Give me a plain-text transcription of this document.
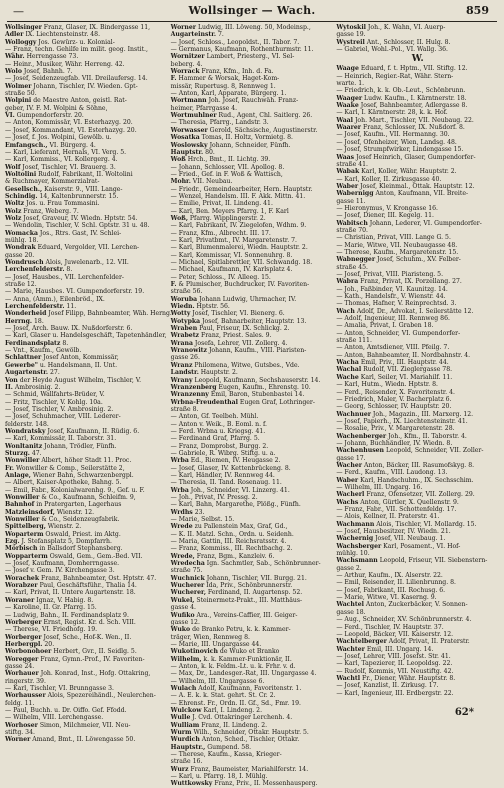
—	Wollsinger — Wach.	859

Wollsinger Franz, Glaser, IX. Bindergasse 11,

Adler IX. Liechtensteinstr. 48.

Wolloggy Jos. Gewürz- u. Kolonial-

— Franz, techn. Gehilfe im milit. geog. Instit.,

Währ. Herrengasse 73.

— Heinr., Musiker, Währ. Herreng. 42.

Wolo Josef, Bahnh. 7.

— Josef, Seidenzeugfab. VII. Dreilaufersg. 14.

Wolmer Johann, Tischler, IV. Wieden. Gpt-

straße 50.

Wolpini de Maestre Anton, geistl. Rat-

geber, IV. F. M. Wolpini & Söhne,

VI. Gumpendorferstr. 20.

— Anton, Kommissär, VI. Esterhazyg. 20.

— Josef, Kommandant, VI. Esterhazyg. 20.

— Josef, f. Jos. Wolpini, Gewölb. u.

Emfangsch., VI. Bürgerg. 4.

— Karl, Lieferant, Hernals, VI. Verg. 5.

— Karl, Kommiss., VI. Kollergerg. 4.

Wolf Josef, Tischler, VI. Brauerg. 3.

Woltolini Rudolf, Fabrikant, II. Woltolini

& Ruchmayer, Kommerzialrat-

Gesellsch., Kaiserstr. 9., VIII. Lange-

Schindig. 14, Kaltenbrunnerstr. 15.

Woltz Jos. u. Frau Tommasini.

Wolz Franz, Weberg. 7.

Wolz Josef, Graveur, IV. Wiedn. Hptstr. 54.

— Wendolin, Tischler, V. Schl. Gptstr. 31 u. 48.

Womacka Jos., Rtrs. Gast, IV. Schlei-

mühlg. 18.

Wondrak Eduard, Vergolder, VII. Lerchen-

gasse 20.

Wondrusch Alois, Juwelenarb., 12. VII.

Lerchenfelderstr. 8.

— Josef, Hausbes., VII. Lerchenfelder-

straße 12.

— Marie, Hausbes. VI. Gumpendorferstr. 19.

— Anna, (Amm.), Eilenbröd., IX.

Lerchenfelderstr. 11.

Wonderheid Josef Filipp, Bahnbeamter, Wäh. Herng.

Herrng. 18.

— Josef, Arch. Bauw. IX. Nußdorferstr. 6.

— Karl, Glaser u. Handelsgeschäft, Tapetenhändler,

Ferdinandsplatz 8.

— Vnt., Kaufm., Gewölb.

Schlattner Josef Anton, Kommissär,

Gewerbe" u. Handelsmann, II. Unt.

Augartenstr. 27.

Von der Heyde August Wilhelm, Tischler, V.

II. Ambrosinig. 2.

— Schmid, Wallfahrts-Brüder, V.

— Fritz, Tischler, V. Kohlg. 10a.

— Josef, Tischler, V. Ambrosinig. 2.

— Josef, Schuhmacher, VIII. Lederer-

felderstr. 148.

Wondratsky Josef, Kaufmann, II. Rüdig. 6.

— Karl, Kommissär, II. Taborstr. 31.

Wonltanitz Johann, Trödler, Fünfh.

Sturzg. 47.

Wonwiller Albert, höher Stadt 11. Proc.

Fr. Wonwiller & Comp., Seilerstätte 2,

Anlage, Wiener Bahn, Schwarzenbergpl.

— Albert, Kaiser-Apotheke, Bahng. 5.

— Emil, Fabr., Kolonialwarenhg. 9., Gef. u. F.

Wonwiller & Co., Kaufmann, Schleifm. 9,

Bahnhof in Pratergarten, Lagerhaus

Matzleinsdorf, Wienstr. 12.

Wonwiller & Co., Seidenzeugfabrik.

Spittelberg, Wienstr. 2.

Woparterm Oswald, Priest. im Aktg.

Ezg. J. Stefansplatz 5, Dompfarrh.

Mörbisch in Ballsdorf Stephansberg.

Wopparterm Oswald, Gem., Gem.-Bed. VII.

— Josef, Kaufmann, Domherrngasse.

— Josef v. Gem. IV. Kirchengasse 3.

Worachek Franz, Bahnbeamter, Ost. Hptstr. 47.

Worabzer Paul, Geschäftsführ., Thalia 14.

— Karl, Privat, II. Untere Augartenstr. 18.

Woraner Ignaz, V. Habig. 8.

— Karoline, II. Gr. Pfarrg. 15.

— Ludwig, Bahn., II. Ferdinandsplatz 9.

Worberger Ernst, Regist. Kr. d. Sch. VIII.

— Therese, VI. Friedhofg. 19.

Worberger Josef, Sche., Hof-K. Wen., II.

Herbergpl. 20.

Worbonohoer Herbert, Gvr., II. Seidlg. 5.

Woregger Franz, Gymn.-Prof., IV. Favoriten-

gasse 24.

Worhauer Joh. Konrad, Inst., Hofg. Ottakring,

ringerstr. 39.

— Karl, Tischler, VI. Brunngasse 3.

Worhausser Alois, Spezereihändl., Neulerchen-

feldg. 11.

— Paul, Buchh. u. Dr. Oiffo. Gef. Ffodd.

— Wilhelm, VIII. Lerchengasse.

Worhoser Simon, Milchmeier, VII. Neu-

stiftg. 34.

Worner Amand, Bmt., II. Löwengasse 50.

Worner Ludwig, III. Löweng. 50, Modeinsp.,

Augarteinstr. 7.

— Josef, Schloss., Leopoldst., II. Tabor. 7.

— Germanus, Kaufmann, Rothenthurmstr. 11.

Wornitzer Lambert, Priesterg., VI. Sel-

beberg. 4.

Worrack Franz, Kfm., Inh. d. Fa.

F. Hammer & Worsak, Haget-Kom-

missär, Rupertusg. 8, Rennweg 1.

— Anton, Karl, Apparate, Bürgerg. 1.

Wortmann Joh. Josef, Rauchwäh. Franz-

heimer, Pfarrgasse 4.

Wortmuhlner Rud., Agent, Chl. Saitlerg. 26.

— Theresia, Pfarrg., Landstr. 3.

Worwasser Gerold, Sächsische, Augustinerstr.

Wosatka Tomas, II. Holtz, Vormietg. 8.

Woslowsky Johann, Schneider, Fünfh.

Hauptstr. 80.

Woß Hrch., Bmt., II. Lichtg. 39.

— Johann, Schlosser, VII. Apollog. 8.

— Fried., Gef. in F. Woß & Wattisch,

Mohr. VII. Neubau.

— Friedr., Gemeindearbeiter, Hern. Hauptstr.

— Wenzel, Handelsm. III. F. Akk. Mittn. 41.

— Emilie, Privat, II. Lindeng. 41.

— Karl, Ben. Meyers Pfarrg. 1, F. Karl

Woß, Pfarrg. Wipplingerstr. 2.

— Karl, Fabrikant, IV. Ziegelofen, Wdhm. 9.

— Franz, Kfm., Albrecht. III. 17.

— Karl, Privatbmt., IV. Margaretenstr. 7.

— Karl, Blumenmalerei, Wiedn. Hauptstr. 2.

— Karl, Kommissar, VI. Sonnenuhrg. 8.

— Michael, Spitlabrettler, VII. Schwandg. 18.

— Michael, Kaufmann, IV. Karlsplatz 4.

— Peter, Schloss., IV. Alleeg. 15.

F. & Plumischer, Buchdrucker, IV. Favoriten-

straße 56.

Woruba Johann Ludwig, Uhrmacher, IV.

Wiedn. Hptstr. 56.

Wotty Josef, Tischler, VI. Bienerg. 6.

Wotypka Josef, Bahnarbeiter, Hauptstr. 13.

Wraben Paul, Friseur, IX. Schlickg. 2.

Wrabetz Franz, Priest. Sales. 9.

Wrana Josefa, Lehrer, VII. Zollerg. 4.

Wranowitz Johann, Kaufm., VIII. Piaristen-

gasse 26.

Wranz Philomena, Witwe, Gutsbes., Vde.

Landstr. Hauptstr. 2.

Wrany Leopold, Kaufmann, Sechshauserstr. 14.

Wranzenberg Eugen, Kaufm., Ehrenstg. 10.

Wranzenny Emil, Baron, Stubenbastei 14.

Wrbna-Freudenthal Eugen Graf, Lothringer-

straße 8.

— Anton, Gf. Teelbeh. Mühl.

— Anton v. Weik., B. Eoml. n. f.

— Ferd. Wrbna u. Kriegsg. 41.

— Ferdinand Graf, Pfarrg. 5.

— Franz, Domprobst, Burgg. 2.

— Gabriele, R. Wibrg. Stiftg. u. a.

Wrba Ed., Riemen, IV. Heugasse 2.

— Josef, Glaser, IV. Kettenbrückeng. 8.

— Karl, Händler, IV. Rennweg 44.

— Theresia, II. Tand. Rosenaug. 11.

Wrba Joh., Schneider, VI. Linzerg. 41.

— Joh., Privat, IV. Pressg. 2.

— Karl, Bahn, Margarethe, Plößg., Fünfh.

Wrdhs 23.

— Marie, Selbst. 15.

Wrede zu Pallenstein Max, Graf, Gd.,

— K. II. Matzl. Schn., Ordn. u. Seidenh.

— Maria, Gattin, III. Reichsratsstr. 4.

— Franz, Kommiss., III. Rechtbachg. 2.

Wrede, Franz, Bgm., Kanzleiv. 6.

Wredecha Ign. Sachmtler, Sab., Schönbrunner-

straße 75.

Wuchnick Johann, Tischler, VII. Burgg. 21.

Wucherer Ida, Priv., Schönbrunnerstr.

Wucherer, Ferdinand, II. Augartensp. 52.

Wukel, Steinermetz-Prakt., III. Matthäus-

gasse 4.

Wufiko Ara., Vereins-Caffier, III. Geiger-

gasse 12.

Wuko de Branko Petru, k. k. Kammer-

träger, Wien, Rennweg 8.

— Marie, III. Ungargasse 44.

Wukotinovich de Wuko et Branko

Wilhelm, k. k. Kammer-Funktionär, II.

— Anton, k. k. Feldm.-Lt. u. k. Frhr. v. d.

— Max, Dr., Landesger.-Rat, III. Ungargasse 4.

— Wilhelm, III. Ungargasse 6.

Wulach Adolf, Kaufmann, Favoritenstr. 1.

— A. E. k. k. Stat. gehrt. St. Cr. 2.

— Ehrenst. Fr., Ordn. II. Gf., Sd., Fmr. 19.

Wulckow Karl, I. Lindeng. 2.

Wulle J. Cvd. Ottakringer Lerchenh. 4.

Wulliam Franz, II. Lindeng. 2.

Wurm Wilh., Schneider, Ottakr. Hauptstr. 5.

Wurdich Anton, Sched., Tischler, Ottakr.

Hauptstr., Gumpend. 58.

— Therese, Kaufm., Kassa, Krieger-

straße 16.

Wurz Franz, Baumeister, Mariahilferstr. 14.

— Karl, u. Pfarrg. 18, I. Mühlg.

Wuttkowsky Franz, Priv., II. Messenhausperg.

Wytoskil Joh., K. Wahn, VI. Auerp-

gasse 19.

Wystreil Ant., Schlosser, II. Hulg. 8.

— Gabriel, Wohl.-Pol., VI. Wallg. 36.

W.

Waage Eduard, f. t. Hptm., VII. Stiftg. 12.

— Heinrich, Regier.-Rat, Währ. Stern-

warte. 1.

— Friedrich, k. k. Ob.-Leut., Schönbrunn.

Waager Ludw. Kaufm., I. Kärntnerstr. 18.

Waake Josef, Bahnbeamter, Adlergasse 8.

— Karl, I. Kärntnerstr. 28, k. k. Hof.

Waal Joh. Mart., Tischler, VII. Neubaug. 22.

Waarer Franz, Schlosser, IX. Nußdorf. 8.

— Josef, Kaufm., VII. Hermanng. 30.

— Josef, Ofenheizer, Wien, Landsg. 48.

— Josef, Strumpfwirker, Lindengasse 15.

Waas Josef Heinrich, Glaser, Gumpendorfer-

straße 41.

Wabak Karl, Koller, Währ. Hauptstr. 2.

— Karl, Koller, II. Zirkusgasse 40.

Waber Josef, Kleinmal., Ottak. Hauptstr. 12.

Wabernigg Anton, Kaufmann, VII. Breite-

gasse 11.

— Hieronymus, V. Krongasse 16.

— Josef, Diener, III. Kegelg. 11.

Wabitsch Johann, Lederer, VI. Gumpendorfer-

straße 70.

— Christian, Privat, VIII. Lange G. 5.

— Marie, Witwe, VII. Neubaugasse 48.

— Therese, Kaufm., Margaretenstr. 15.

Wabnegger Josef, Schuhm., XV. Felber-

straße 45.

— Josef, Privat, VIII. Piaristeng. 5.

Wabra Franz, Privat, IX. Porzellang. 27.

— Joh., Faßbinder, VI. Kaunitzg. 14.

— Kath., Handelsfr., V. Wienstr. 44.

— Thomas, Hafner, V. Reinprechtsd. 3.

Wach Adolf, Dr., Advokat, I. Seilerstätte 12.

— Adolf, Ingenieur, III. Rennweg 86.

— Amalia, Privat, I. Graben 18.

— Anton, Schneider, VI. Gumpendorfer-

straße 111.

— Anton, Amtsdiener, VIII. Pfeilg. 7.

— Anton, Bahnbeamter, II. Nordbahnstr. 4.

Wacha Emil, Priv., III. Hauptstr. 44.

Wachal Rudolf, VII. Zieglergasse 78.

Wache Karl, Seiler, VI. Mariahilf. 11.

— Karl, Hutm., Wiedn. Hptstr. 8.

— Ferd., Reisender, X. Favoritenstr. 4.

— Friedrich, Maler, V. Bacherplatz 6.

— Georg, Schlosser, IV. Hauptstr. 20.

Wachnuer Joh., Magazin., III. Marxerg. 12.

— Josef, Papierh., IX. Liechtensteinstr. 41.

— Rosalie, Priv., V. Margaretenstr. 28.

Wachenberger Joh., Kfm., II. Taborstr. 4.

— Johann, Buchhändler, IV. Wiedn. 8.

Wachenhusen Leopold, Schneider, VII. Zoller-

gasse 17.

Wacher Anton, Bäcker, III. Rasumofskyg. 8.

— Ferd., Kaufm., VIII. Laudong. 13.

Waber Karl, Handschuhm., IX. Sechsschim.

— Wilhelm, III. Ungarg. 16.

Wacherl Franz, Ofensetzer, VII. Zollerg. 29.

Wachs Anton, Gürtler, X. Quellenstr. 9.

— Franz, Fabr., VII. Schottenfeldg. 17.

— Alois, Kellner, II. Praterstr. 41.

Wachmann Alois, Tischler, VI. Mollardg. 15.

— Josef, Hausbesitzer, IV. Wiedn. 21.

Wachernig Josef, VII. Neubaug. 1.

Wachsberger Karl, Posament., VI. Hof-

mühlg. 10.

Wachsmann Leopold, Friseur, VII. Siebenstern-

gasse 2.

— Arthur, Kaufm., IX. Alserstr. 22.

— Emil, Reisender, II. Lilienbrunng. 8.

— Josef, Fabrikant, III. Rochusg. 6.

— Marie, Witwe, VI. Kaserng. 9.

Wachtel Anton, Zuckerbäcker, V. Sonnen-

gasse 18.

— Aug., Schneider, XV. Schönbrunnerstr. 4.

— Ferd., Tischler, IV. Hauptstr. 37.

— Leopold, Bäcker, VII. Kaiserstr. 12.

Wachtelberger Adolf, Privat, II. Praterstr.

Wachter Emil, III. Ungarg. 14.

— Josef, Lehrer, VIII. Josefst. Str. 41.

— Karl, Tapezierer, II. Leopoldsg. 22.

— Rudolf, Kommis, VII. Neustiftg. 42.

Wachtl Fr., Diener, Währ. Hauptstr. 8.

— Josef, Kanzlist, II. Zirkusg. 17.

— Karl, Ingenieur, III. Erdbergstr. 22.

62*
